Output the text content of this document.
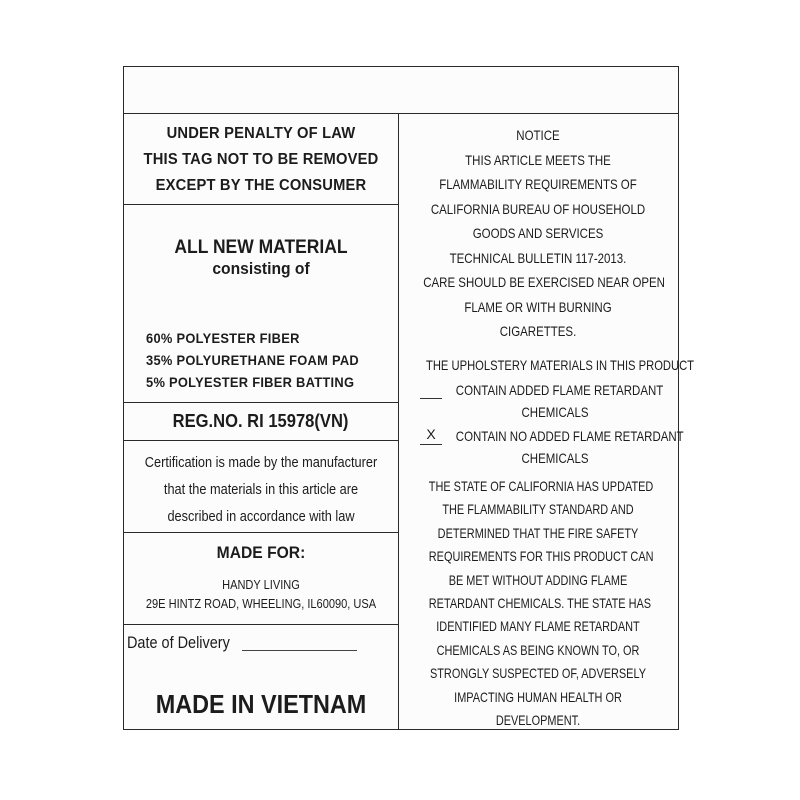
UNDER PENALTY OF LAW
THIS TAG NOT TO BE REMOVED
EXCEPT BY THE CONSUMER
ALL NEW MATERIAL
consisting of
60% POLYESTER FIBER
35% POLYURETHANE FOAM PAD
5% POLYESTER FIBER BATTING
REG.NO. RI 15978(VN)
Certification is made by the manufacturer
that the materials in this article are
described in accordance with law
MADE FOR:
HANDY LIVING
29E HINTZ ROAD, WHEELING, IL60090, USA
Date of Delivery
MADE IN VIETNAM
NOTICE
THIS ARTICLE MEETS THE
FLAMMABILITY REQUIREMENTS OF
CALIFORNIA BUREAU OF HOUSEHOLD
GOODS AND SERVICES
TECHNICAL BULLETIN 117-2013.
CARE SHOULD BE EXERCISED NEAR OPEN
FLAME OR WITH BURNING
CIGARETTES.
THE UPHOLSTERY MATERIALS IN THIS PRODUCT
CONTAIN ADDED FLAME RETARDANT
CHEMICALS
X	CONTAIN NO ADDED FLAME RETARDANT
CHEMICALS
THE STATE OF CALIFORNIA HAS UPDATED
THE FLAMMABILITY STANDARD AND
DETERMINED THAT THE FIRE SAFETY
REQUIREMENTS FOR THIS PRODUCT CAN
BE MET WITHOUT ADDING FLAME
RETARDANT CHEMICALS. THE STATE HAS
IDENTIFIED MANY FLAME RETARDANT
CHEMICALS AS BEING KNOWN TO, OR
STRONGLY SUSPECTED OF, ADVERSELY
IMPACTING HUMAN HEALTH OR
DEVELOPMENT.
